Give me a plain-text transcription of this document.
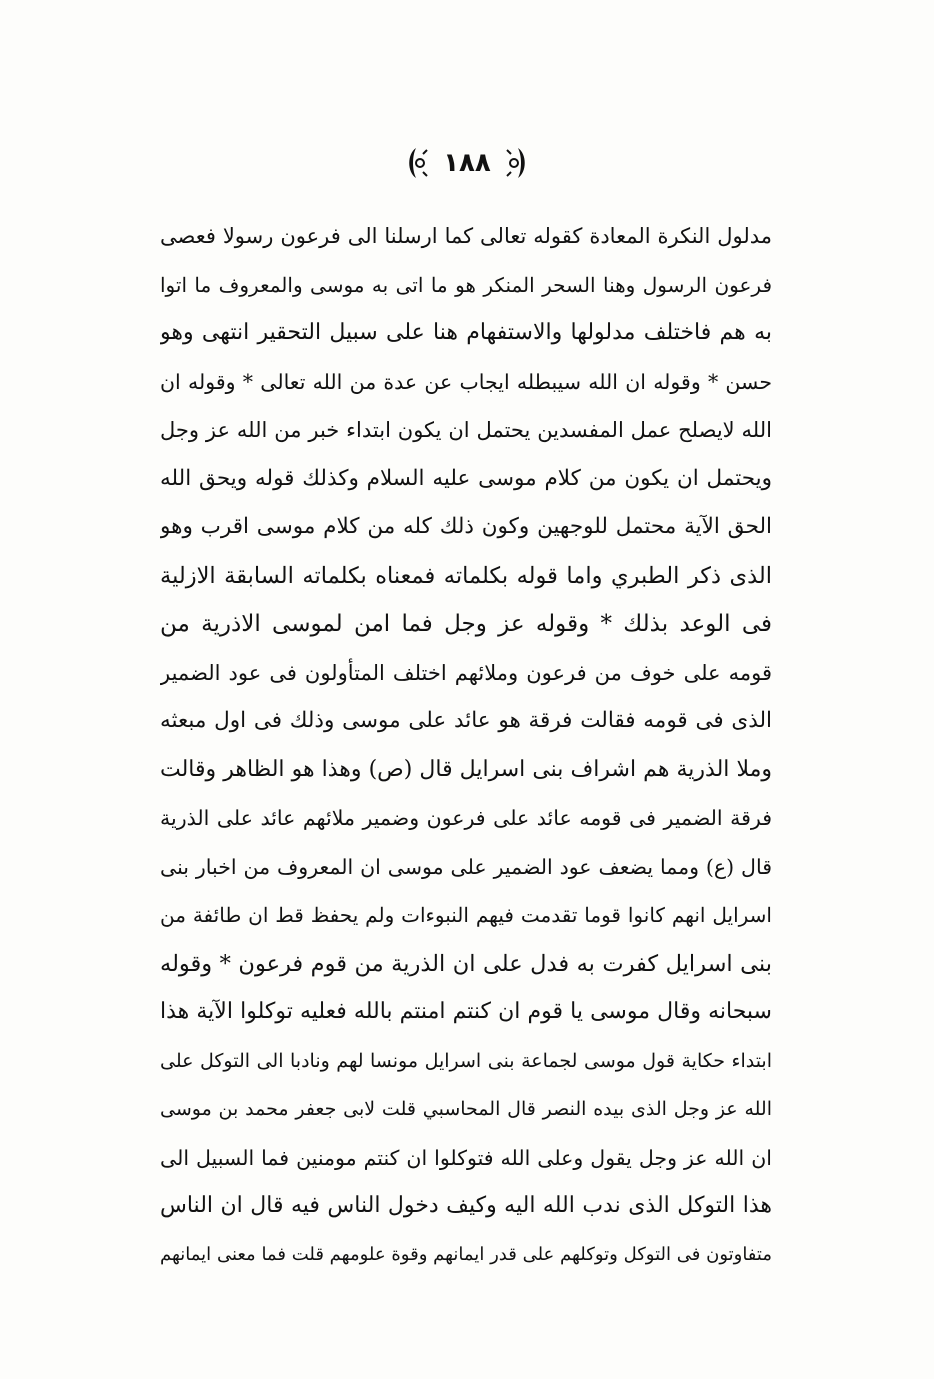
١٨٨
مدلول النكرة المعادة كقوله تعالى كما ارسلنا الى فرعون رسولا فعصى
فرعون الرسول وهنا السحر المنكر هو ما اتى به موسى والمعروف ما اتوا
به هم فاختلف مدلولها والاستفهام هنا على سبيل التحقير انتهى وهو
حسن * وقوله ان الله سيبطله ايجاب عن عدة من الله تعالى * وقوله ان
الله لايصلح عمل المفسدين يحتمل ان يكون ابتداء خبر من الله عز وجل
ويحتمل ان يكون من كلام موسى عليه السلام وكذلك قوله ويحق الله
الحق الآية محتمل للوجهين وكون ذلك كله من كلام موسى اقرب وهو
الذى ذكر الطبري واما قوله بكلماته فمعناه بكلماته السابقة الازلية
فى الوعد بذلك * وقوله عز وجل فما امن لموسى الاذرية من
قومه على خوف من فرعون وملائهم اختلف المتأولون فى عود الضمير
الذى فى قومه فقالت فرقة هو عائد على موسى وذلك فى اول مبعثه
وملا الذرية هم اشراف بنى اسرايل قال (ص) وهذا هو الظاهر وقالت
فرقة الضمير فى قومه عائد على فرعون وضمير ملائهم عائد على الذرية
قال (ع) ومما يضعف عود الضمير على موسى ان المعروف من اخبار بنى
اسرايل انهم كانوا قوما تقدمت فيهم النبوءات ولم يحفظ قط ان طائفة من
بنى اسرايل كفرت به فدل على ان الذرية من قوم فرعون * وقوله
سبحانه وقال موسى يا قوم ان كنتم امنتم بالله فعليه توكلوا الآية هذا
ابتداء حكاية قول موسى لجماعة بنى اسرايل مونسا لهم ونادبا الى التوكل على
الله عز وجل الذى بيده النصر قال المحاسبي قلت لابى جعفر محمد بن موسى
ان الله عز وجل يقول وعلى الله فتوكلوا ان كنتم مومنين فما السبيل الى
هذا التوكل الذى ندب الله اليه وكيف دخول الناس فيه قال ان الناس
متفاوتون فى التوكل وتوكلهم على قدر ايمانهم وقوة علومهم قلت فما معنى ايمانهم
